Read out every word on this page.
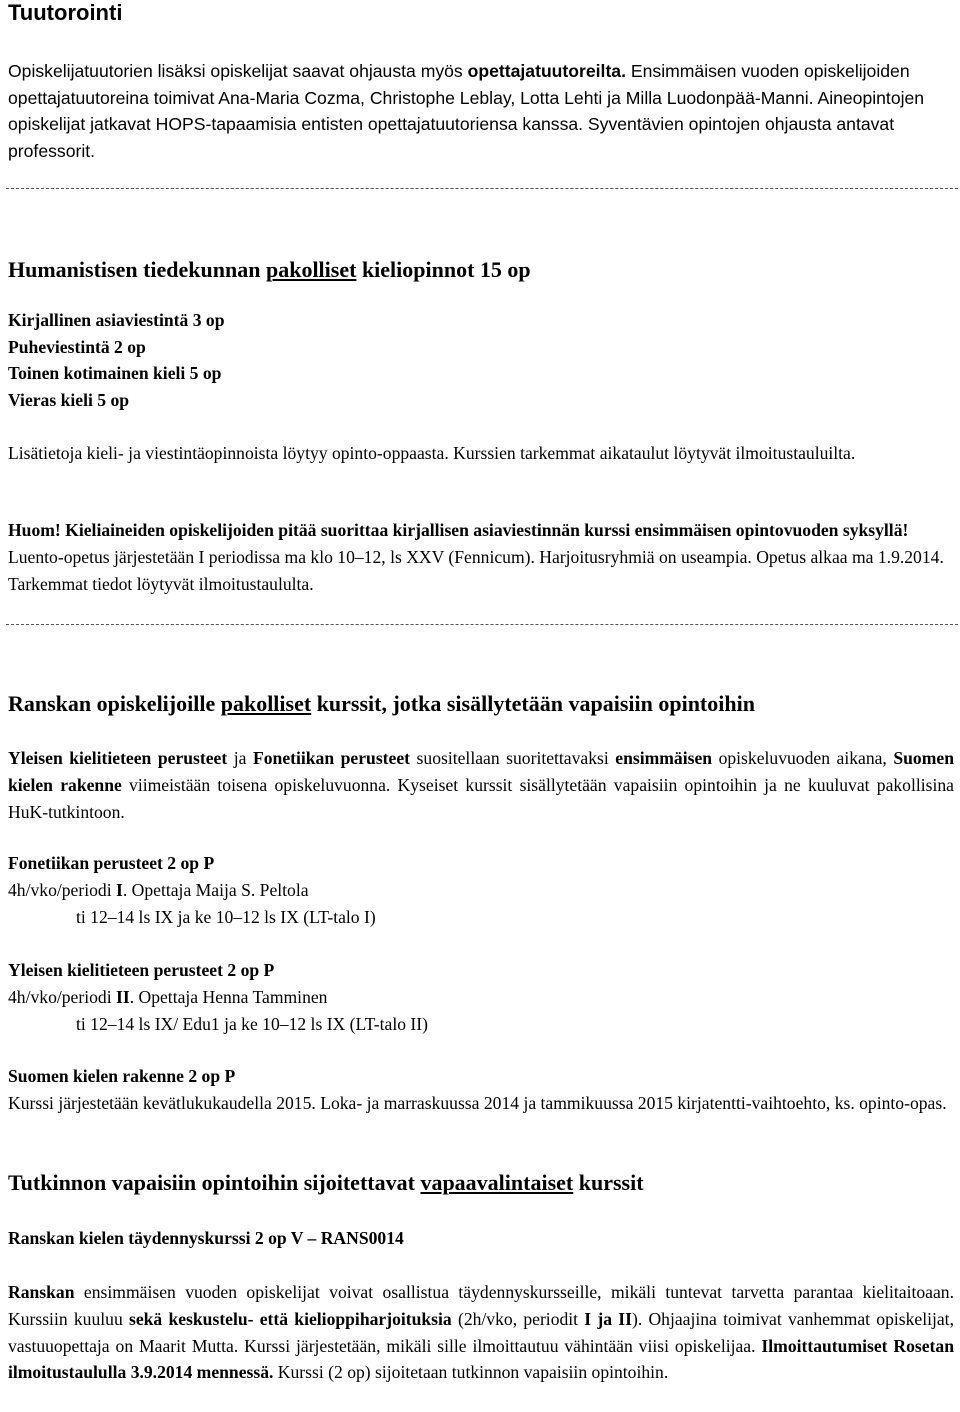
Tuutorointi
Opiskelijatuutorien lisäksi opiskelijat saavat ohjausta myös opettajatuutoreilta. Ensimmäisen vuoden opiskelijoiden opettajatuutoreina toimivat Ana-Maria Cozma, Christophe Leblay, Lotta Lehti ja Milla Luodonpää-Manni. Aineopintojen opiskelijat jatkavat HOPS-tapaamisia entisten opettajatuutoriensa kanssa. Syventävien opintojen ohjausta antavat professorit.
Humanistisen tiedekunnan pakolliset kieliopinnot 15 op
Kirjallinen asiaviestintä 3 op
Puheviestintä 2 op
Toinen kotimainen kieli 5 op
Vieras kieli 5 op
Lisätietoja kieli- ja viestintäopinnoista löytyy opinto-oppaasta. Kurssien tarkemmat aikataulut löytyvät ilmoitustauluilta.
Huom! Kieliaineiden opiskelijoiden pitää suorittaa kirjallisen asiaviestinnän kurssi ensimmäisen opintovuoden syksyllä! Luento-opetus järjestetään I periodissa ma klo 10–12, ls XXV (Fennicum). Harjoitusryhmiä on useampia. Opetus alkaa ma 1.9.2014. Tarkemmat tiedot löytyvät ilmoitustaululta.
Ranskan opiskelijoille pakolliset kurssit, jotka sisällytetään vapaisiin opintoihin
Yleisen kielitieteen perusteet ja Fonetiikan perusteet suositellaan suoritettavaksi ensimmäisen opiskeluvuoden aikana, Suomen kielen rakenne viimeistään toisena opiskeluvuonna. Kyseiset kurssit sisällytetään vapaisiin opintoihin ja ne kuuluvat pakollisina HuK-tutkintoon.
Fonetiikan perusteet 2 op P
4h/vko/periodi I. Opettaja Maija S. Peltola
ti 12–14 ls IX ja ke 10–12 ls IX (LT-talo I)
Yleisen kielitieteen perusteet 2 op P
4h/vko/periodi II. Opettaja Henna Tamminen
ti 12–14 ls IX/ Edu1 ja ke 10–12 ls IX (LT-talo II)
Suomen kielen rakenne 2 op P
Kurssi järjestetään kevätlukukaudella 2015. Loka- ja marraskuussa 2014 ja tammikuussa 2015 kirjatentti-vaihtoehto, ks. opinto-opas.
Tutkinnon vapaisiin opintoihin sijoitettavat vapaavalintaiset kurssit
Ranskan kielen täydennyskurssi 2 op V – RANS0014
Ranskan ensimmäisen vuoden opiskelijat voivat osallistua täydennyskursseille, mikäli tuntevat tarvetta parantaa kielitaitoaan. Kurssiin kuuluu sekä keskustelu- että kielioppiharjoituksia (2h/vko, periodit I ja II). Ohjaajina toimivat vanhemmat opiskelijat, vastuuopettaja on Maarit Mutta. Kurssi järjestetään, mikäli sille ilmoittautuu vähintään viisi opiskelijaa. Ilmoittautumiset Rosetan ilmoitustaululla 3.9.2014 mennessä. Kurssi (2 op) sijoitetaan tutkinnon vapaisiin opintoihin.
